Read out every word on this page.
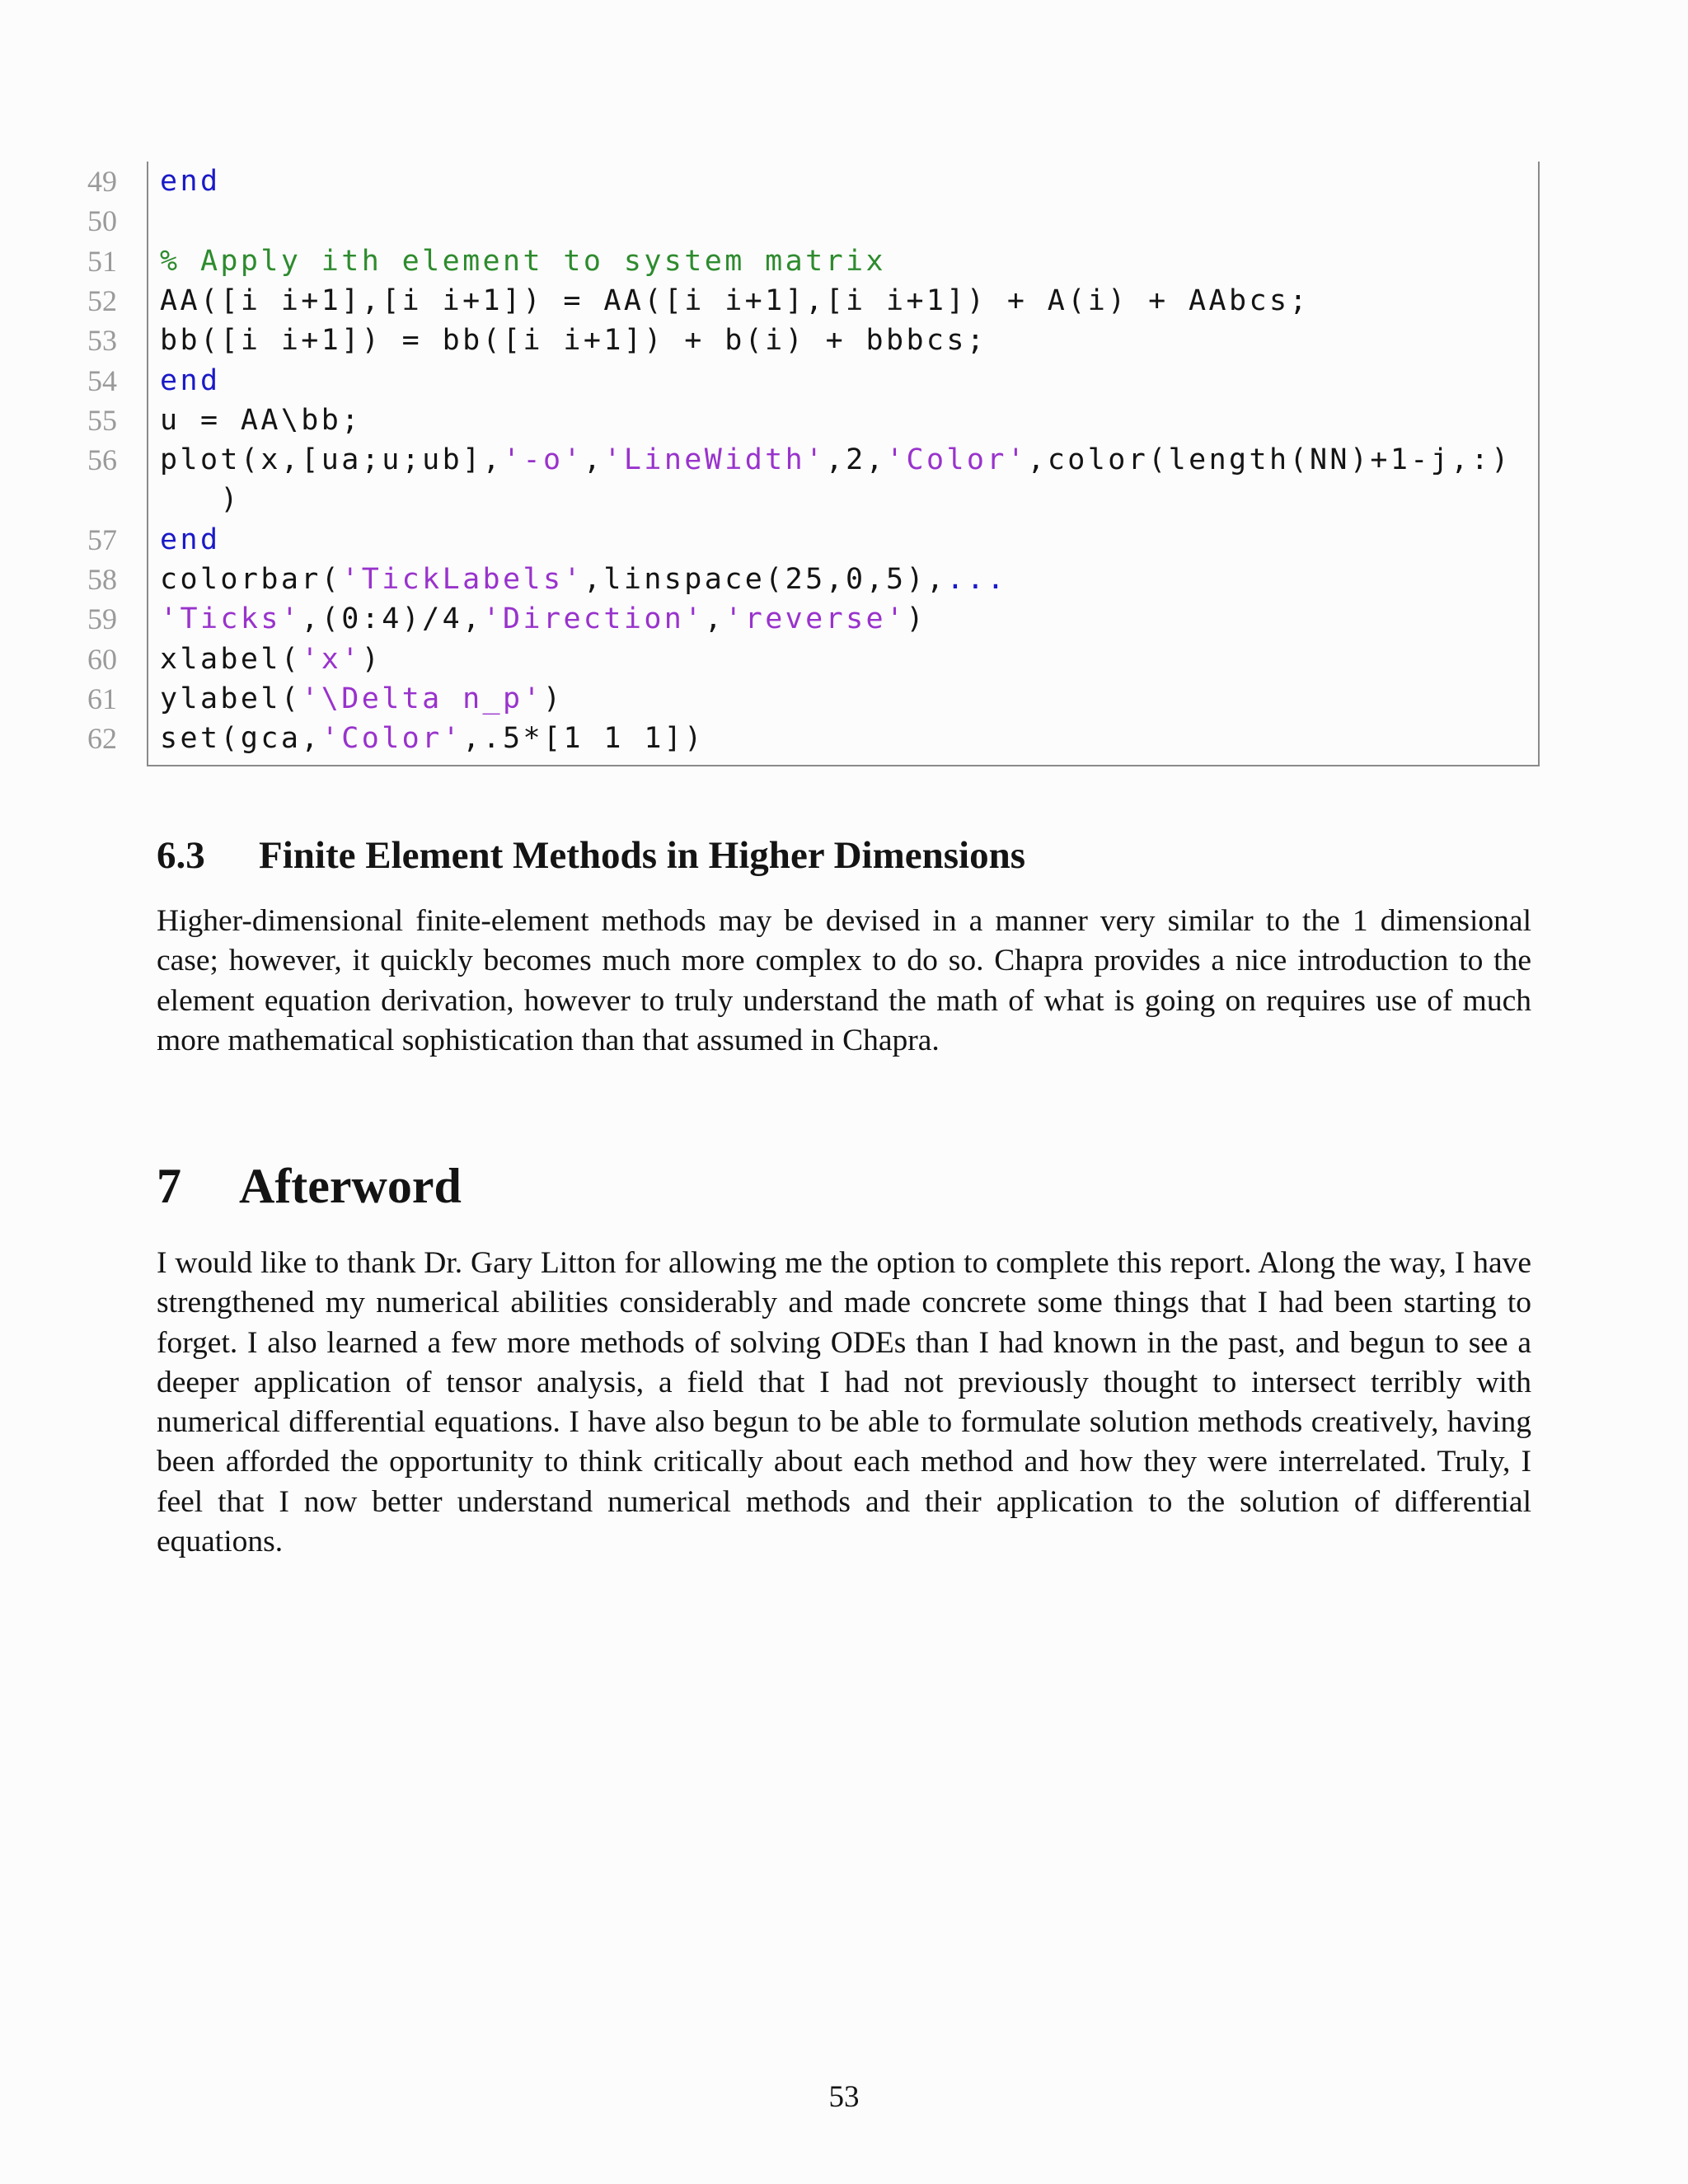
49 end
50
51 % Apply ith element to system matrix
52 AA([i i+1],[i i+1]) = AA([i i+1],[i i+1]) + A(i) + AAbcs;
53 bb([i i+1]) = bb([i i+1]) + b(i) + bbbcs;
54 end
55 u = AA\bb;
56 plot(x,[ua;u;ub],'-o','LineWidth',2,'Color',color(length(NN)+1-j,:)
)
57 end
58 colorbar('TickLabels',linspace(25,0,5),...
59 'Ticks',(0:4)/4,'Direction','reverse')
60 xlabel('x')
61 ylabel('\Delta n_p')
62 set(gca,'Color',.5*[1 1 1])
6.3 Finite Element Methods in Higher Dimensions

Higher-dimensional finite-element methods may be devised in a manner very similar to the 1 dimensional case; however, it quickly becomes much more complex to do so. Chapra provides a nice introduction to the element equation derivation, however to truly understand the math of what is going on requires use of much more mathematical sophistication than that assumed in Chapra.

7 Afterword

I would like to thank Dr. Gary Litton for allowing me the option to complete this report. Along the way, I have strengthened my numerical abilities considerably and made concrete some things that I had been starting to forget. I also learned a few more methods of solving ODEs than I had known in the past, and begun to see a deeper application of tensor analysis, a field that I had not previously thought to intersect terribly with numerical differential equations. I have also begun to be able to formulate solution methods creatively, having been afforded the opportunity to think critically about each method and how they were interrelated. Truly, I feel that I now better understand numerical methods and their application to the solution of differential equations.

53
